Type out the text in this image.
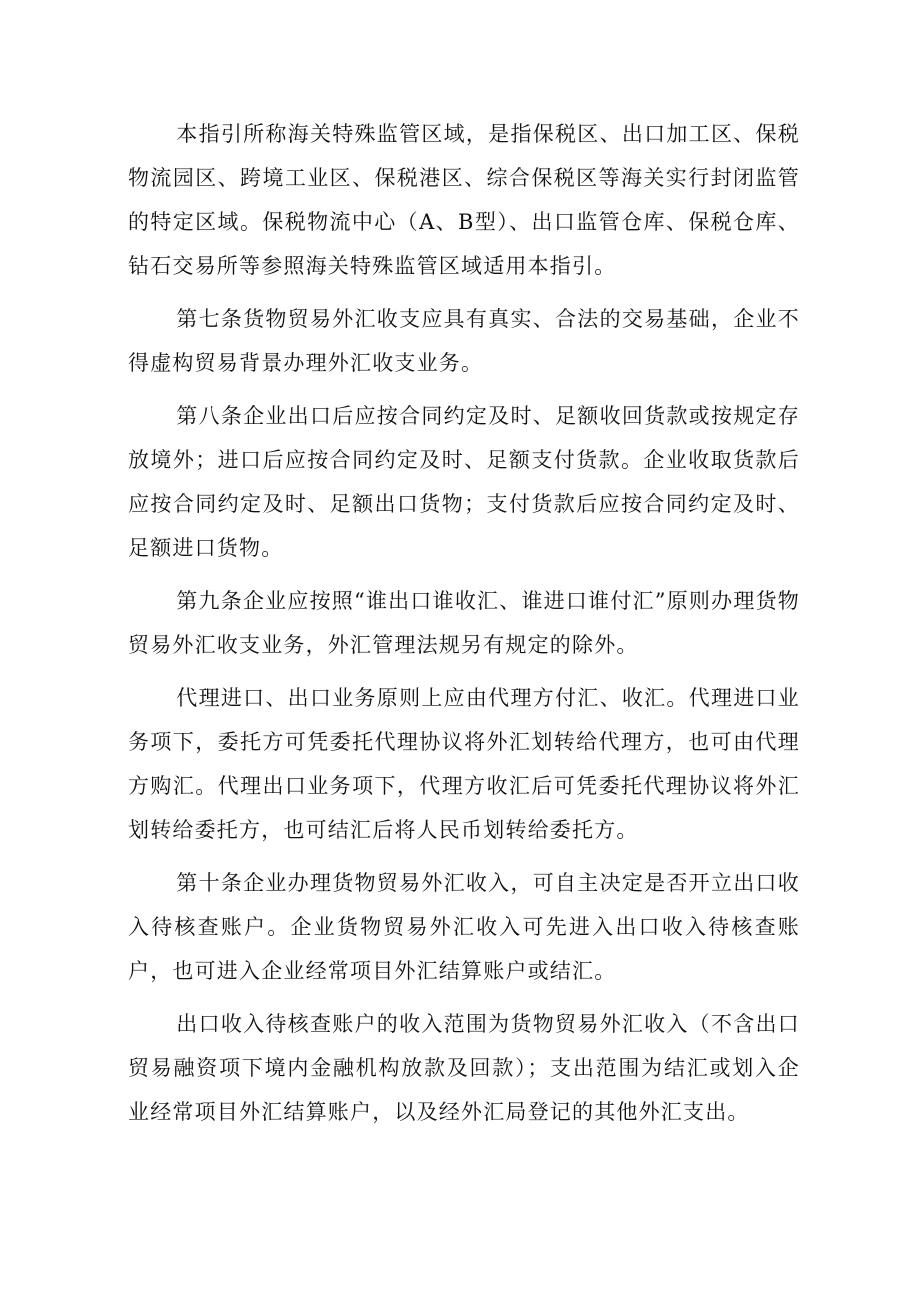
本指引所称海关特殊监管区域，是指保税区、出口加工区、保税物流园区、跨境工业区、保税港区、综合保税区等海关实行封闭监管的特定区域。保税物流中心（A、B型）、出口监管仓库、保税仓库、钻石交易所等参照海关特殊监管区域适用本指引。

第七条货物贸易外汇收支应具有真实、合法的交易基础，企业不得虚构贸易背景办理外汇收支业务。

第八条企业出口后应按合同约定及时、足额收回货款或按规定存放境外；进口后应按合同约定及时、足额支付货款。企业收取货款后应按合同约定及时、足额出口货物；支付货款后应按合同约定及时、足额进口货物。

第九条企业应按照“谁出口谁收汇、谁进口谁付汇”原则办理货物贸易外汇收支业务，外汇管理法规另有规定的除外。

代理进口、出口业务原则上应由代理方付汇、收汇。代理进口业务项下，委托方可凭委托代理协议将外汇划转给代理方，也可由代理方购汇。代理出口业务项下，代理方收汇后可凭委托代理协议将外汇划转给委托方，也可结汇后将人民币划转给委托方。

第十条企业办理货物贸易外汇收入，可自主决定是否开立出口收入待核查账户。企业货物贸易外汇收入可先进入出口收入待核查账户，也可进入企业经常项目外汇结算账户或结汇。

出口收入待核查账户的收入范围为货物贸易外汇收入（不含出口贸易融资项下境内金融机构放款及回款）；支出范围为结汇或划入企业经常项目外汇结算账户，以及经外汇局登记的其他外汇支出。
